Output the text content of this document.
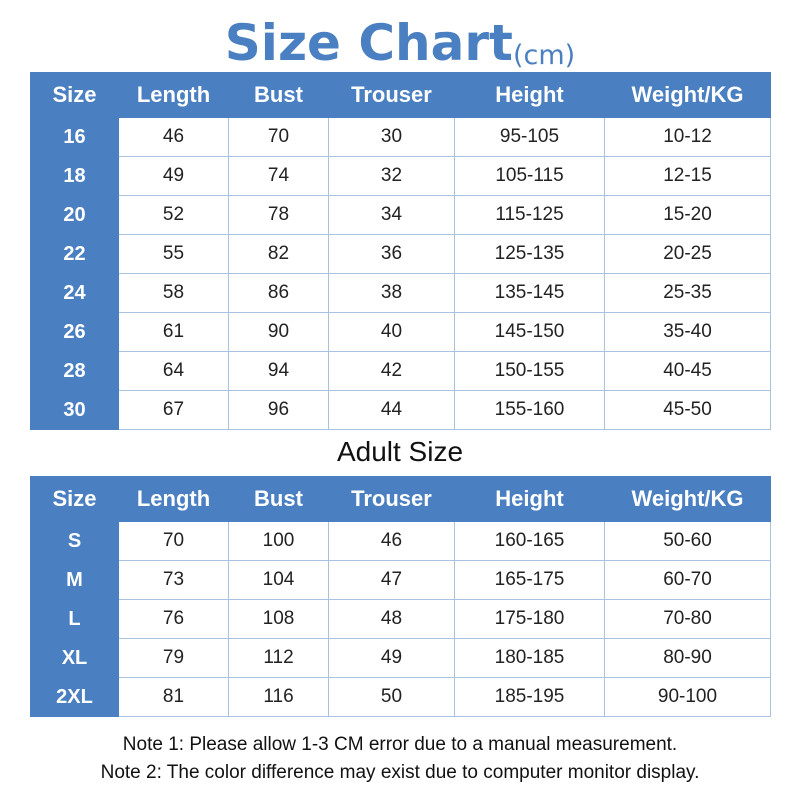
Size Chart(cm)
Size	Length	Bust	Trouser	Height	Weight/KG
16	46	70	30	95-105	10-12
18	49	74	32	105-115	12-15
20	52	78	34	115-125	15-20
22	55	82	36	125-135	20-25
24	58	86	38	135-145	25-35
26	61	90	40	145-150	35-40
28	64	94	42	150-155	40-45
30	67	96	44	155-160	45-50
Adult Size
Size	Length	Bust	Trouser	Height	Weight/KG
S	70	100	46	160-165	50-60
M	73	104	47	165-175	60-70
L	76	108	48	175-180	70-80
XL	79	112	49	180-185	80-90
2XL	81	116	50	185-195	90-100
Note 1: Please allow 1-3 CM error due to a manual measurement.
Note 2: The color difference may exist due to computer monitor display.
